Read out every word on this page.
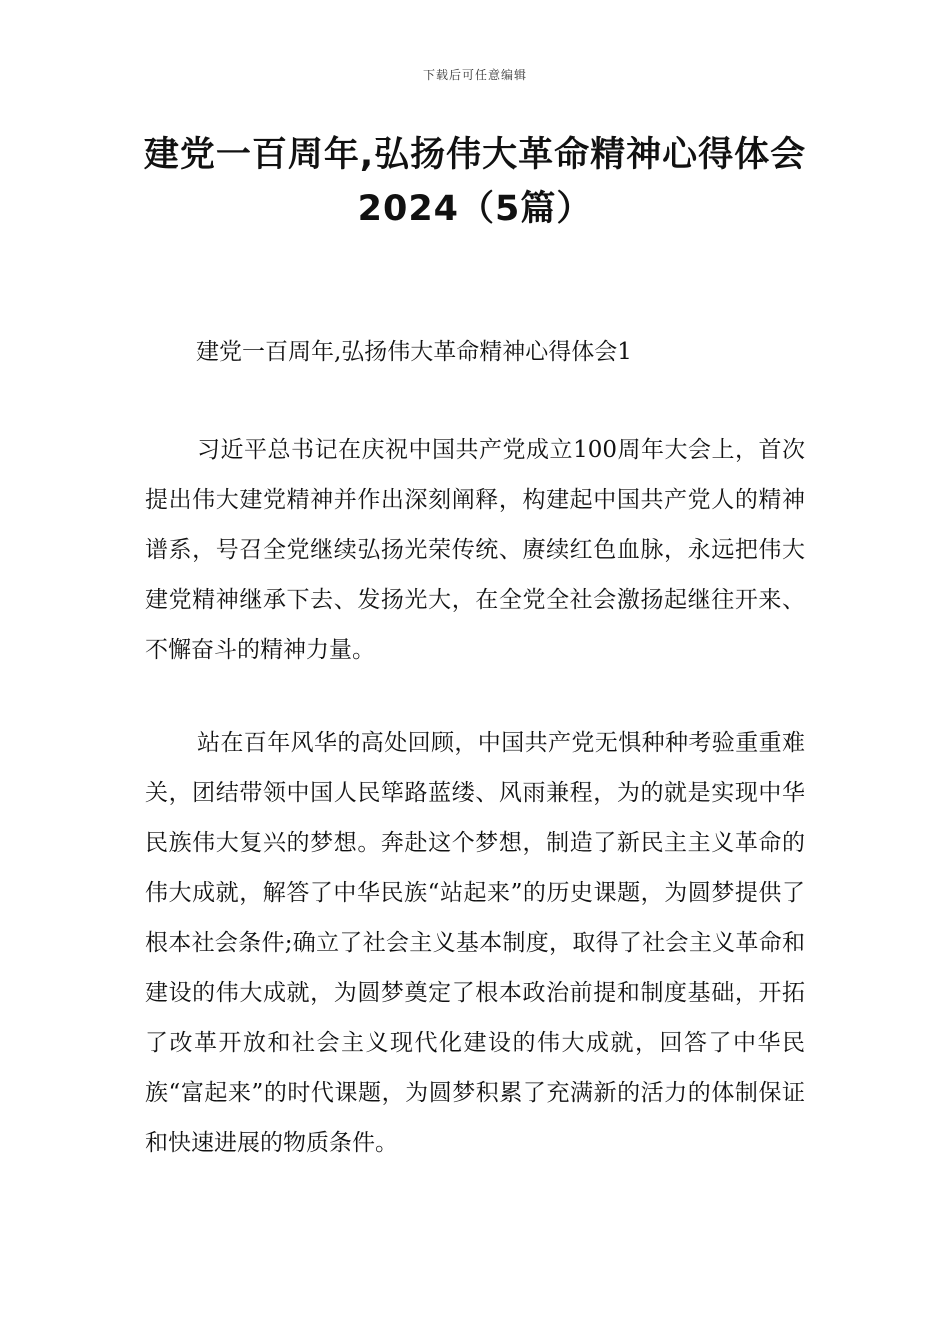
下载后可任意编辑
建党一百周年,弘扬伟大革命精神心得体会
2024（5篇）

建党一百周年,弘扬伟大革命精神心得体会1

习近平总书记在庆祝中国共产党成立100周年大会上，首次提出伟大建党精神并作出深刻阐释，构建起中国共产党人的精神谱系，号召全党继续弘扬光荣传统、赓续红色血脉，永远把伟大建党精神继承下去、发扬光大，在全党全社会激扬起继往开来、不懈奋斗的精神力量。

站在百年风华的高处回顾，中国共产党无惧种种考验重重难关，团结带领中国人民筚路蓝缕、风雨兼程，为的就是实现中华民族伟大复兴的梦想。奔赴这个梦想，制造了新民主主义革命的伟大成就，解答了中华民族“站起来”的历史课题，为圆梦提供了根本社会条件;确立了社会主义基本制度，取得了社会主义革命和建设的伟大成就，为圆梦奠定了根本政治前提和制度基础，开拓了改革开放和社会主义现代化建设的伟大成就，回答了中华民族“富起来”的时代课题，为圆梦积累了充满新的活力的体制保证和快速进展的物质条件。
